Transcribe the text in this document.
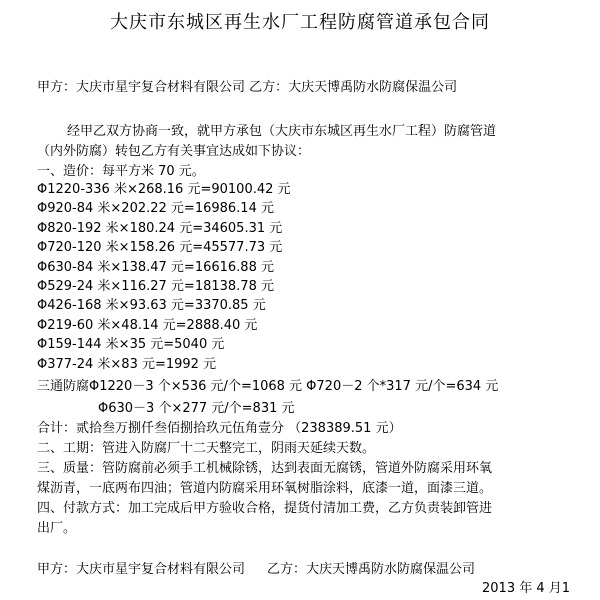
大庆市东城区再生水厂工程防腐管道承包合同
甲方：大庆市星宇复合材料有限公司 乙方：大庆天博禹防水防腐保温公司
经甲乙双方协商一致，就甲方承包（大庆市东城区再生水厂工程）防腐管道
（内外防腐）转包乙方有关事宜达成如下协议：
一、造价：每平方米 70 元。
Φ1220-336 米×268.16 元=90100.42 元
Φ920-84 米×202.22 元=16986.14 元
Φ820-192 米×180.24 元=34605.31 元
Φ720-120 米×158.26 元=45577.73 元
Φ630-84 米×138.47 元=16616.88 元
Φ529-24 米×116.27 元=18138.78 元
Φ426-168 米×93.63 元=3370.85 元
Φ219-60 米×48.14 元=2888.40 元
Φ159-144 米×35 元=5040 元
Φ377-24 米×83 元=1992 元
三通防腐Φ1220－3 个×536 元/个=1068 元 Φ720－2 个*317 元/个=634 元
Φ630－3 个×277 元/个=831 元
合计：贰拾叁万捌仟叁佰捌拾玖元伍角壹分 （238389.51 元）
二、工期：管进入防腐厂十二天整完工，阴雨天延续天数。
三、质量：管防腐前必须手工机械除锈，达到表面无腐锈，管道外防腐采用环氧
煤沥青，一底两布四油；管道内防腐采用环氧树脂涂料，底漆一道，面漆三道。
四、付款方式：加工完成后甲方验收合格，提货付清加工费，乙方负责装卸管进
出厂。
甲方：大庆市星宇复合材料有限公司 乙方：大庆天博禹防水防腐保温公司
2013 年 4 月1
